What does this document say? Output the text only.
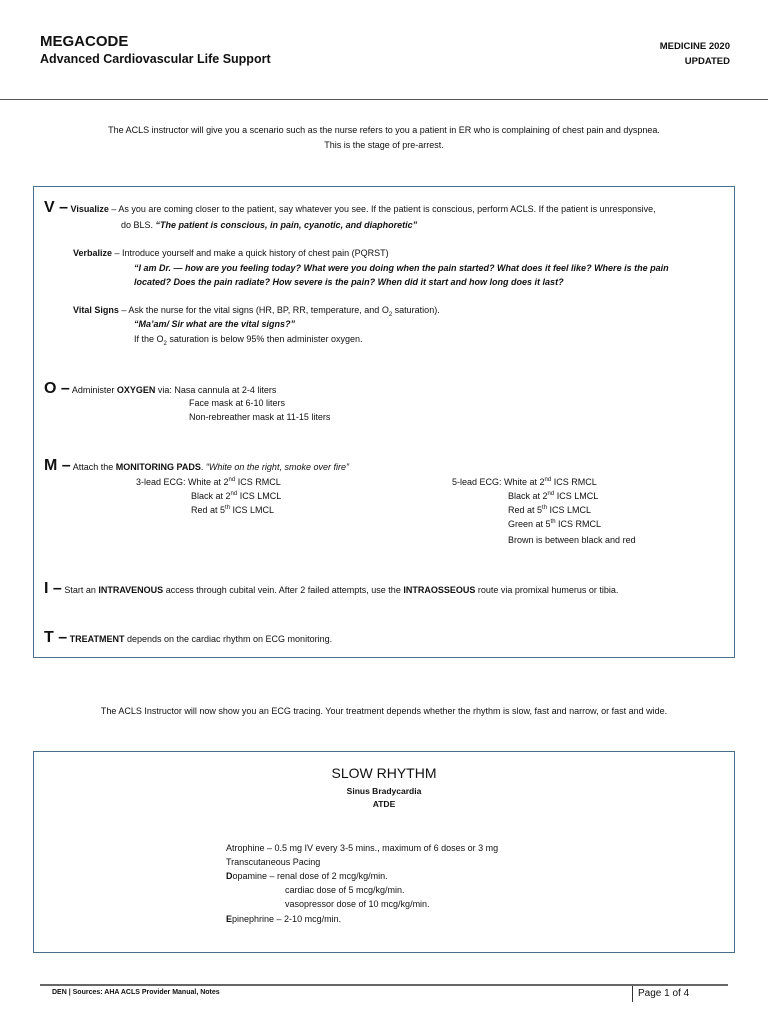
MEGACODE
Advanced Cardiovascular Life Support
MEDICINE 2020
UPDATED
The ACLS instructor will give you a scenario such as the nurse refers to you a patient in ER who is complaining of chest pain and dyspnea.
This is the stage of pre-arrest.
V – Visualize – As you are coming closer to the patient, say whatever you see. If the patient is conscious, perform ACLS. If the patient is unresponsive,
do BLS. “The patient is conscious, in pain, cyanotic, and diaphoretic”
Verbalize – Introduce yourself and make a quick history of chest pain (PQRST)
“I am Dr. — how are you feeling today? What were you doing when the pain started? What does it feel like? Where is the pain
located? Does the pain radiate? How severe is the pain? When did it start and how long does it last?
Vital Signs – Ask the nurse for the vital signs (HR, BP, RR, temperature, and $O_2$ saturation).
“Ma’am/ Sir what are the vital signs?”
If the $O_2$ saturation is below 95% then administer oxygen.
O – Administer OXYGEN via: Nasa cannula at 2-4 liters
Face mask at 6-10 liters
Non-rebreather mask at 11-15 liters
M – Attach the MONITORING PADS. “White on the right, smoke over fire”
3-lead ECG: White at 2nd ICS RMCL
Black at 2nd ICS LMCL
Red at 5th ICS LMCL
5-lead ECG: White at 2nd ICS RMCL
Black at 2nd ICS LMCL
Red at 5th ICS LMCL
Green at 5th ICS RMCL
Brown is between black and red
I – Start an INTRAVENOUS access through cubital vein. After 2 failed attempts, use the INTRAOSSEOUS route via promixal humerus or tibia.
T – TREATMENT depends on the cardiac rhythm on ECG monitoring.
The ACLS Instructor will now show you an ECG tracing. Your treatment depends whether the rhythm is slow, fast and narrow, or fast and wide.
SLOW RHYTHM
Sinus Bradycardia
ATDE
Atrophine – 0.5 mg IV every 3-5 mins., maximum of 6 doses or 3 mg
Transcutaneous Pacing
Dopamine – renal dose of 2 mcg/kg/min.
cardiac dose of 5 mcg/kg/min.
vasopressor dose of 10 mcg/kg/min.
Epinephrine – 2-10 mcg/min.
DEN | Sources: AHA ACLS Provider Manual, Notes	Page 1 of 4
